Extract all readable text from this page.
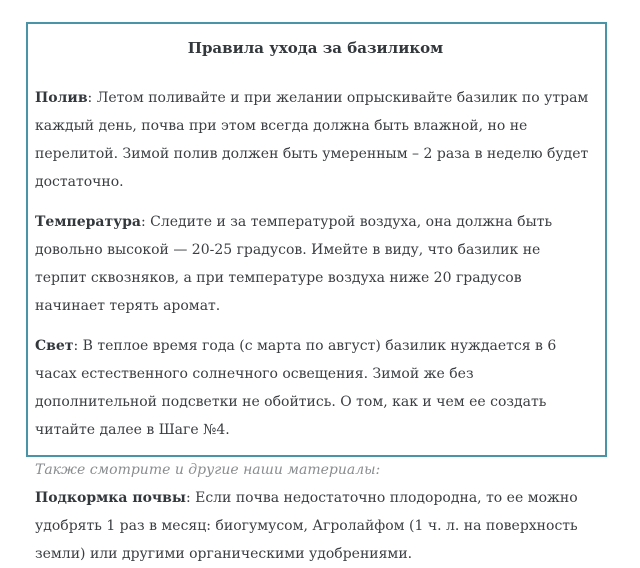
Правила ухода за базиликом

Полив: Летом поливайте и при желании опрыскивайте базилик по утрам каждый день, почва при этом всегда должна быть влажной, но не перелитой. Зимой полив должен быть умеренным – 2 раза в неделю будет достаточно.

Температура: Следите и за температурой воздуха, она должна быть довольно высокой — 20-25 градусов. Имейте в виду, что базилик не терпит сквозняков, а при температуре воздуха ниже 20 градусов начинает терять аромат.

Свет: В теплое время года (с марта по август) базилик нуждается в 6 часах естественного солнечного освещения. Зимой же без дополнительной подсветки не обойтись. О том, как и чем ее создать читайте далее в Шаге №4.

Также смотрите и другие наши материалы:

Подкормка почвы: Если почва недостаточно плодородна, то ее можно удобрять 1 раз в месяц: биогумусом, Агролайфом (1 ч. л. на поверхность земли) или другими органическими удобрениями.
